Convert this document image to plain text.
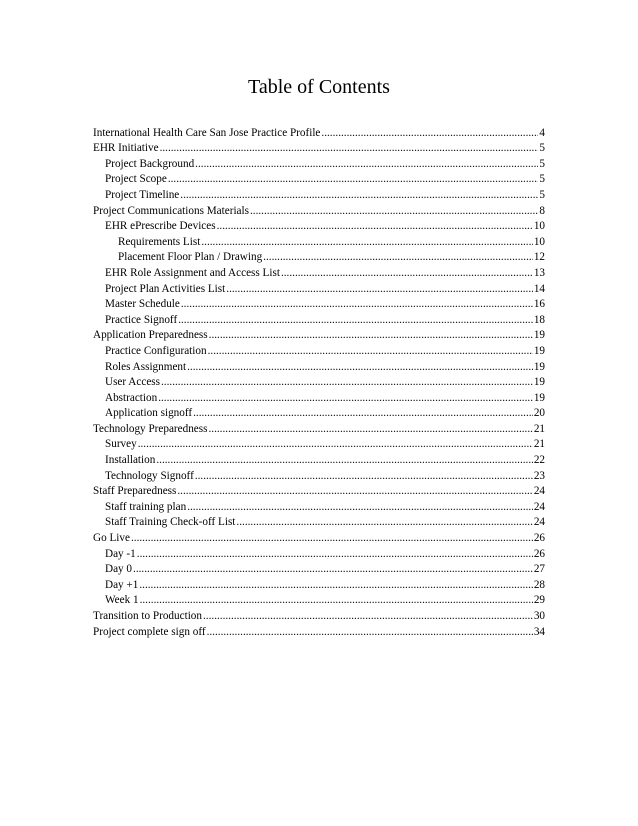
Table of Contents
International Health Care San Jose Practice Profile .....	4
EHR Initiative .....	5
Project Background .....	5
Project Scope .....	5
Project Timeline .....	5
Project Communications Materials .....	8
EHR ePrescribe Devices .....	10
Requirements List .....	10
Placement Floor Plan / Drawing .....	12
EHR Role Assignment and Access List .....	13
Project Plan Activities List .....	14
Master Schedule .....	16
Practice Signoff .....	18
Application Preparedness .....	19
Practice Configuration .....	19
Roles Assignment .....	19
User Access .....	19
Abstraction .....	19
Application signoff .....	20
Technology Preparedness .....	21
Survey .....	21
Installation .....	22
Technology Signoff .....	23
Staff Preparedness .....	24
Staff training plan .....	24
Staff Training Check-off List .....	24
Go Live .....	26
Day -1 .....	26
Day 0 .....	27
Day +1 .....	28
Week 1 .....	29
Transition to Production .....	30
Project complete sign off .....	34
